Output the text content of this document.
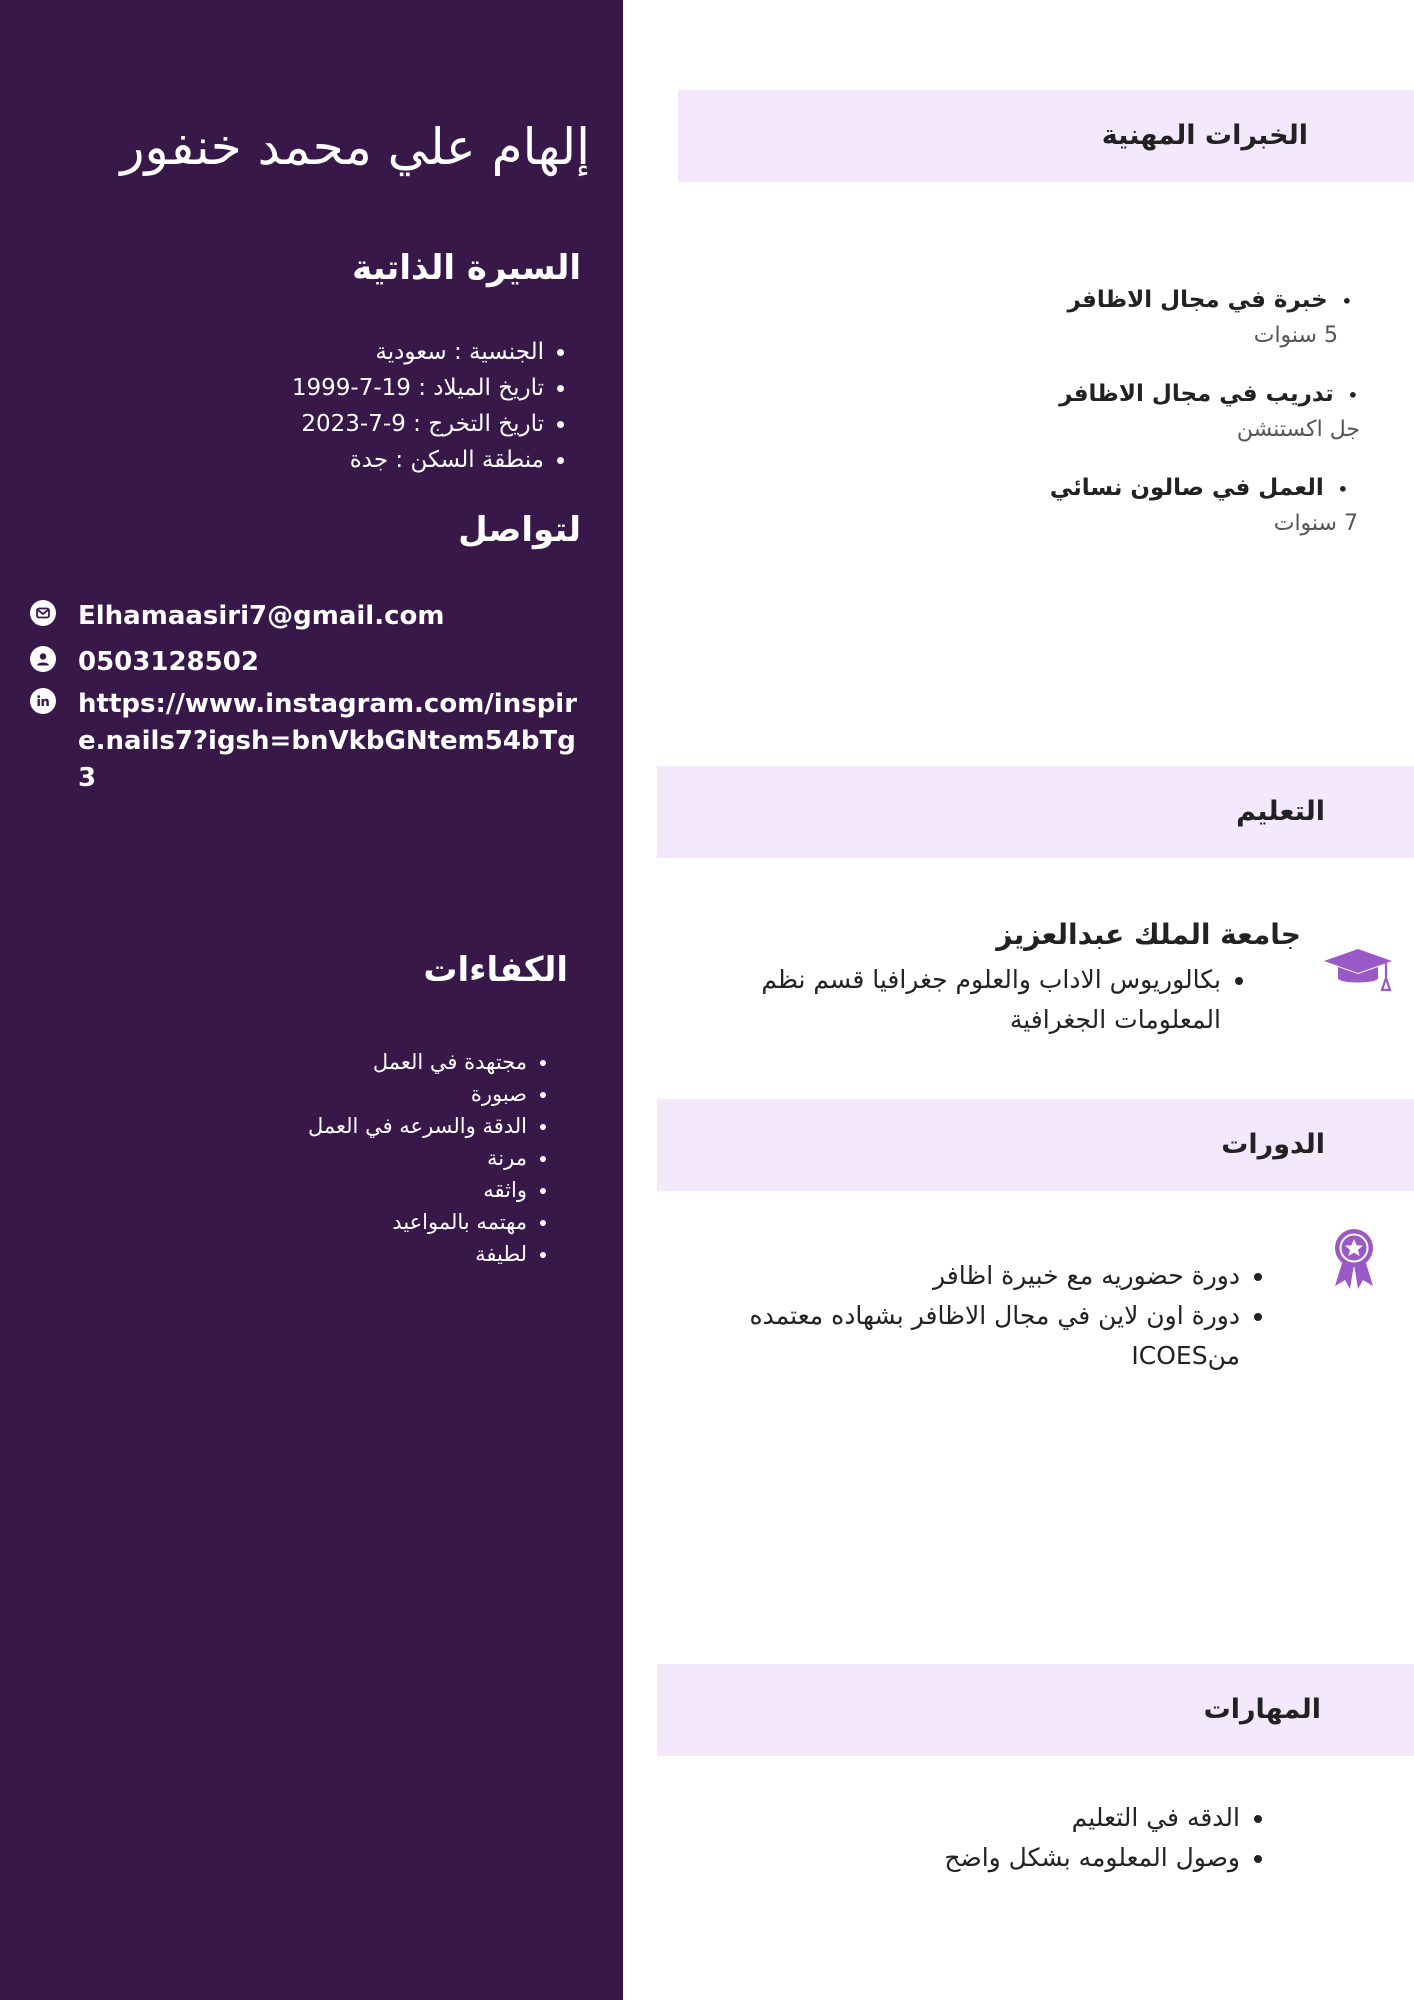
إلهام علي محمد خنفور
السيرة الذاتية
• الجنسية : سعودية
• تاريخ الميلاد : 19-7-1999
• تاريخ التخرج : 9-7-2023
• منطقة السكن : جدة
لتواصل
Elhamaasiri7@gmail.com
0503128502
https://www.instagram.com/inspire.nails7?igsh=bnVkbGNtem54bTg3
الكفاءات
• مجتهدة في العمل
• صبورة
• الدقة والسرعه في العمل
• مرنة
• واثقه
• مهتمه بالمواعيد
• لطيفة
الخبرات المهنية
•خبرة في مجال الاظافر
5 سنوات
•تدريب في مجال الاظافر
جل اكستنشن
•العمل في صالون نسائي
7 سنوات
التعليم
جامعة الملك عبدالعزيز
• بكالوريوس الاداب والعلوم جغرافيا قسم نظم المعلومات الجغرافية
الدورات
• دورة حضوريه مع خبيرة اظافر
• دورة اون لاين في مجال الاظافر بشهاده معتمده منICOES
المهارات
• الدقه في التعليم
• وصول المعلومه بشكل واضح
